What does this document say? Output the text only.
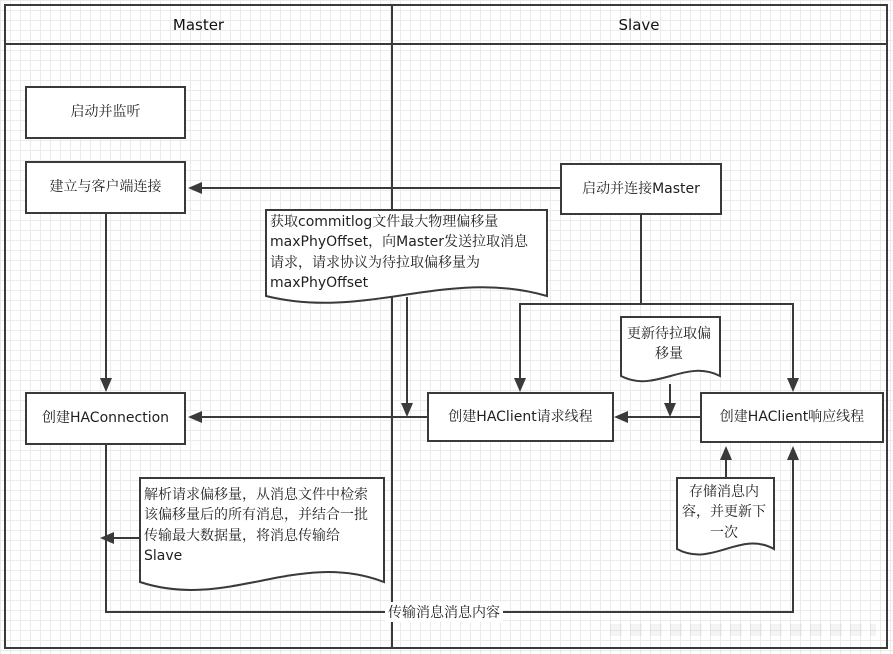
Master	Slave
启动并监听
建立与客户端连接
创建HAConnection
启动并连接Master
创建HAClient请求线程	创建HAClient响应线程
获取commitlog文件最大物理偏移量maxPhyOffset，向Master发送拉取消息请求，请求协议为待拉取偏移量为maxPhyOffset
更新待拉取偏移量
解析请求偏移量，从消息文件中检索该偏移量后的所有消息，并结合一批传输最大数据量，将消息传输给Slave
存储消息内容，并更新下一次
传输消息消息内容
